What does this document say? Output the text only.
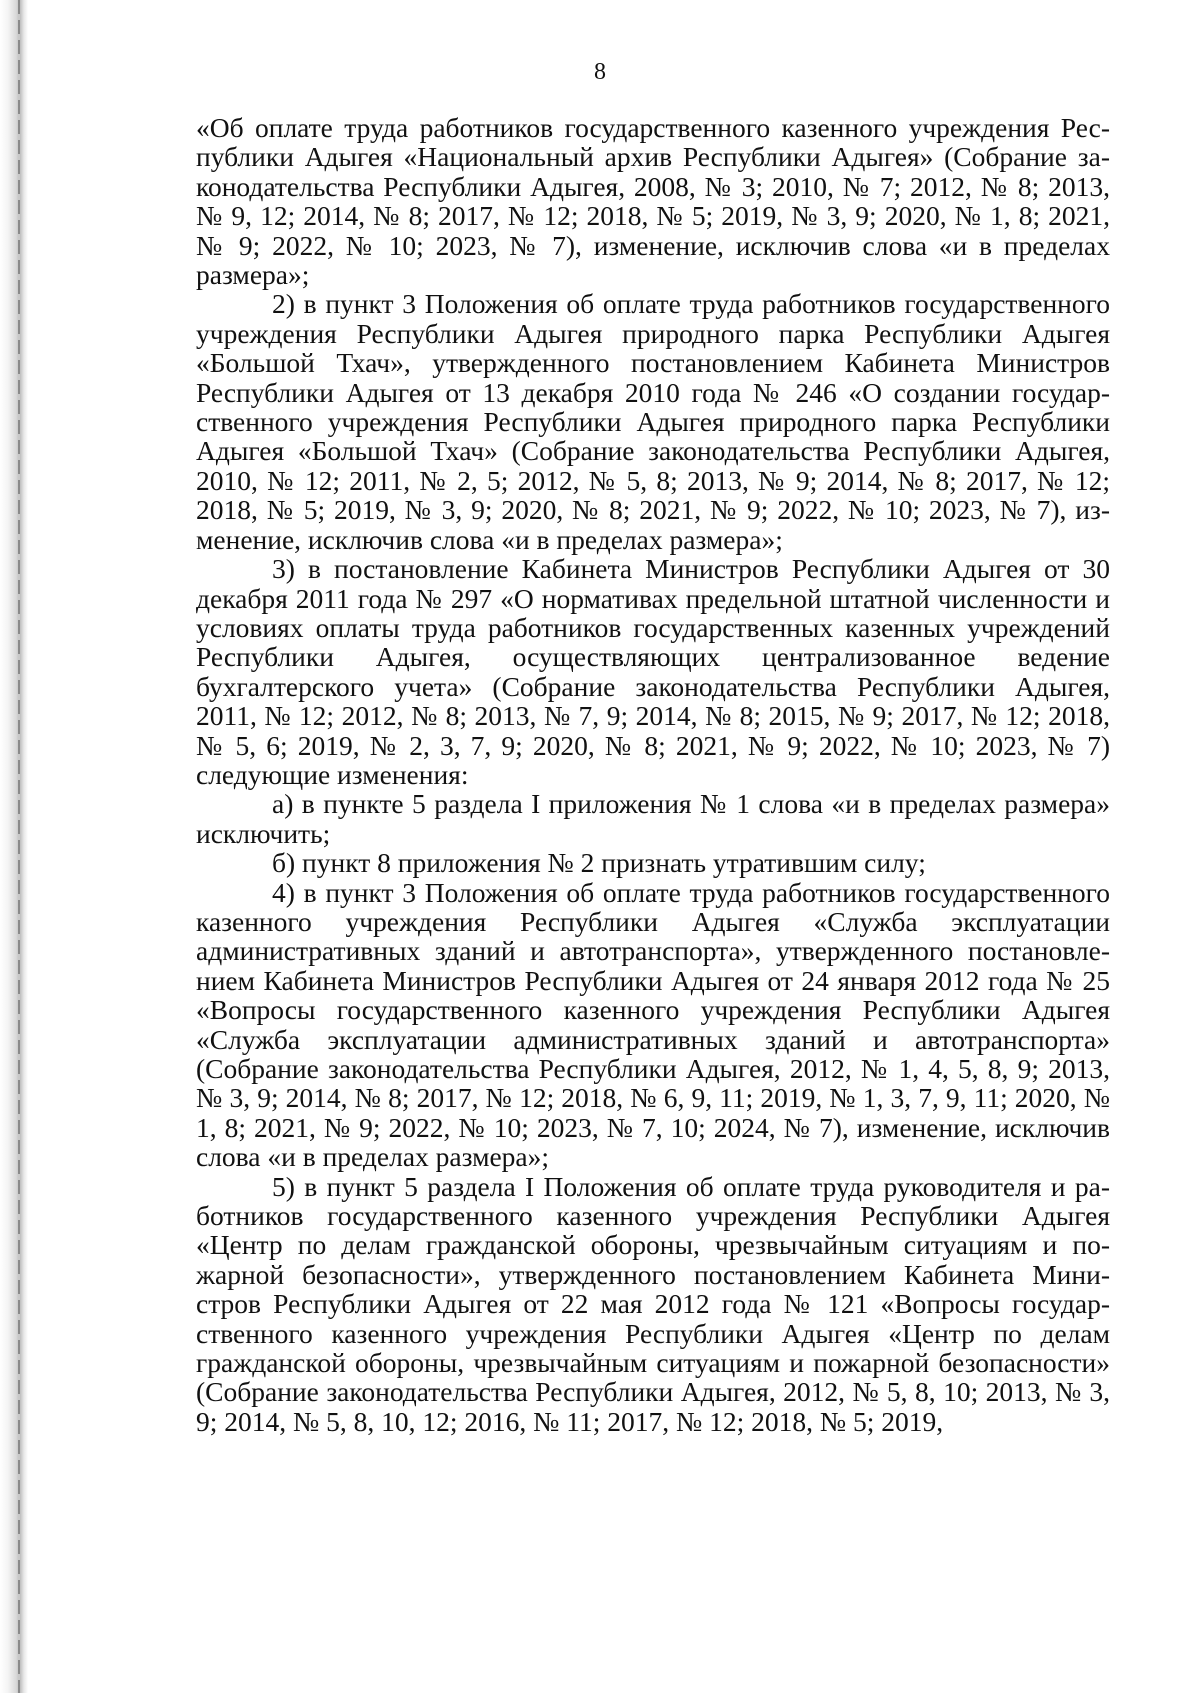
8

«Об оплате труда работников государственного казенного учреждения Республики Адыгея «Национальный архив Республики Адыгея» (Собрание законодательства Республики Адыгея, 2008, № 3; 2010, № 7; 2012, № 8; 2013, № 9, 12; 2014, № 8; 2017, № 12; 2018, № 5; 2019, № 3, 9; 2020, № 1, 8; 2021, № 9; 2022, № 10; 2023, № 7), изменение, исключив слова «и в пределах размера»;

2) в пункт 3 Положения об оплате труда работников государственного учреждения Республики Адыгея природного парка Республики Адыгея «Большой Тхач», утвержденного постановлением Кабинета Министров Республики Адыгея от 13 декабря 2010 года № 246 «О создании государственного учреждения Республики Адыгея природного парка Республики Адыгея «Большой Тхач» (Собрание законодательства Республики Адыгея, 2010, № 12; 2011, № 2, 5; 2012, № 5, 8; 2013, № 9; 2014, № 8; 2017, № 12; 2018, № 5; 2019, № 3, 9; 2020, № 8; 2021, № 9; 2022, № 10; 2023, № 7), изменение, исключив слова «и в пределах размера»;

3) в постановление Кабинета Министров Республики Адыгея от 30 декабря 2011 года № 297 «О нормативах предельной штатной численности и условиях оплаты труда работников государственных казенных учреждений Республики Адыгея, осуществляющих централизованное ведение бухгалтерского учета» (Собрание законодательства Республики Адыгея, 2011, № 12; 2012, № 8; 2013, № 7, 9; 2014, № 8; 2015, № 9; 2017, № 12; 2018, № 5, 6; 2019, № 2, 3, 7, 9; 2020, № 8; 2021, № 9; 2022, № 10; 2023, № 7) следующие изменения:

а) в пункте 5 раздела I приложения № 1 слова «и в пределах размера» исключить;

б) пункт 8 приложения № 2 признать утратившим силу;

4) в пункт 3 Положения об оплате труда работников государственного казенного учреждения Республики Адыгея «Служба эксплуатации административных зданий и автотранспорта», утвержденного постановлением Кабинета Министров Республики Адыгея от 24 января 2012 года № 25 «Вопросы государственного казенного учреждения Республики Адыгея «Служба эксплуатации административных зданий и автотранспорта» (Собрание законодательства Республики Адыгея, 2012, № 1, 4, 5, 8, 9; 2013, № 3, 9; 2014, № 8; 2017, № 12; 2018, № 6, 9, 11; 2019, № 1, 3, 7, 9, 11; 2020, № 1, 8; 2021, № 9; 2022, № 10; 2023, № 7, 10; 2024, № 7), изменение, исключив слова «и в пределах размера»;

5) в пункт 5 раздела I Положения об оплате труда руководителя и работников государственного казенного учреждения Республики Адыгея «Центр по делам гражданской обороны, чрезвычайным ситуациям и пожарной безопасности», утвержденного постановлением Кабинета Министров Республики Адыгея от 22 мая 2012 года № 121 «Вопросы государственного казенного учреждения Республики Адыгея «Центр по делам гражданской обороны, чрезвычайным ситуациям и пожарной безопасности» (Собрание законодательства Республики Адыгея, 2012, № 5, 8, 10; 2013, № 3, 9; 2014, № 5, 8, 10, 12; 2016, № 11; 2017, № 12; 2018, № 5; 2019,
